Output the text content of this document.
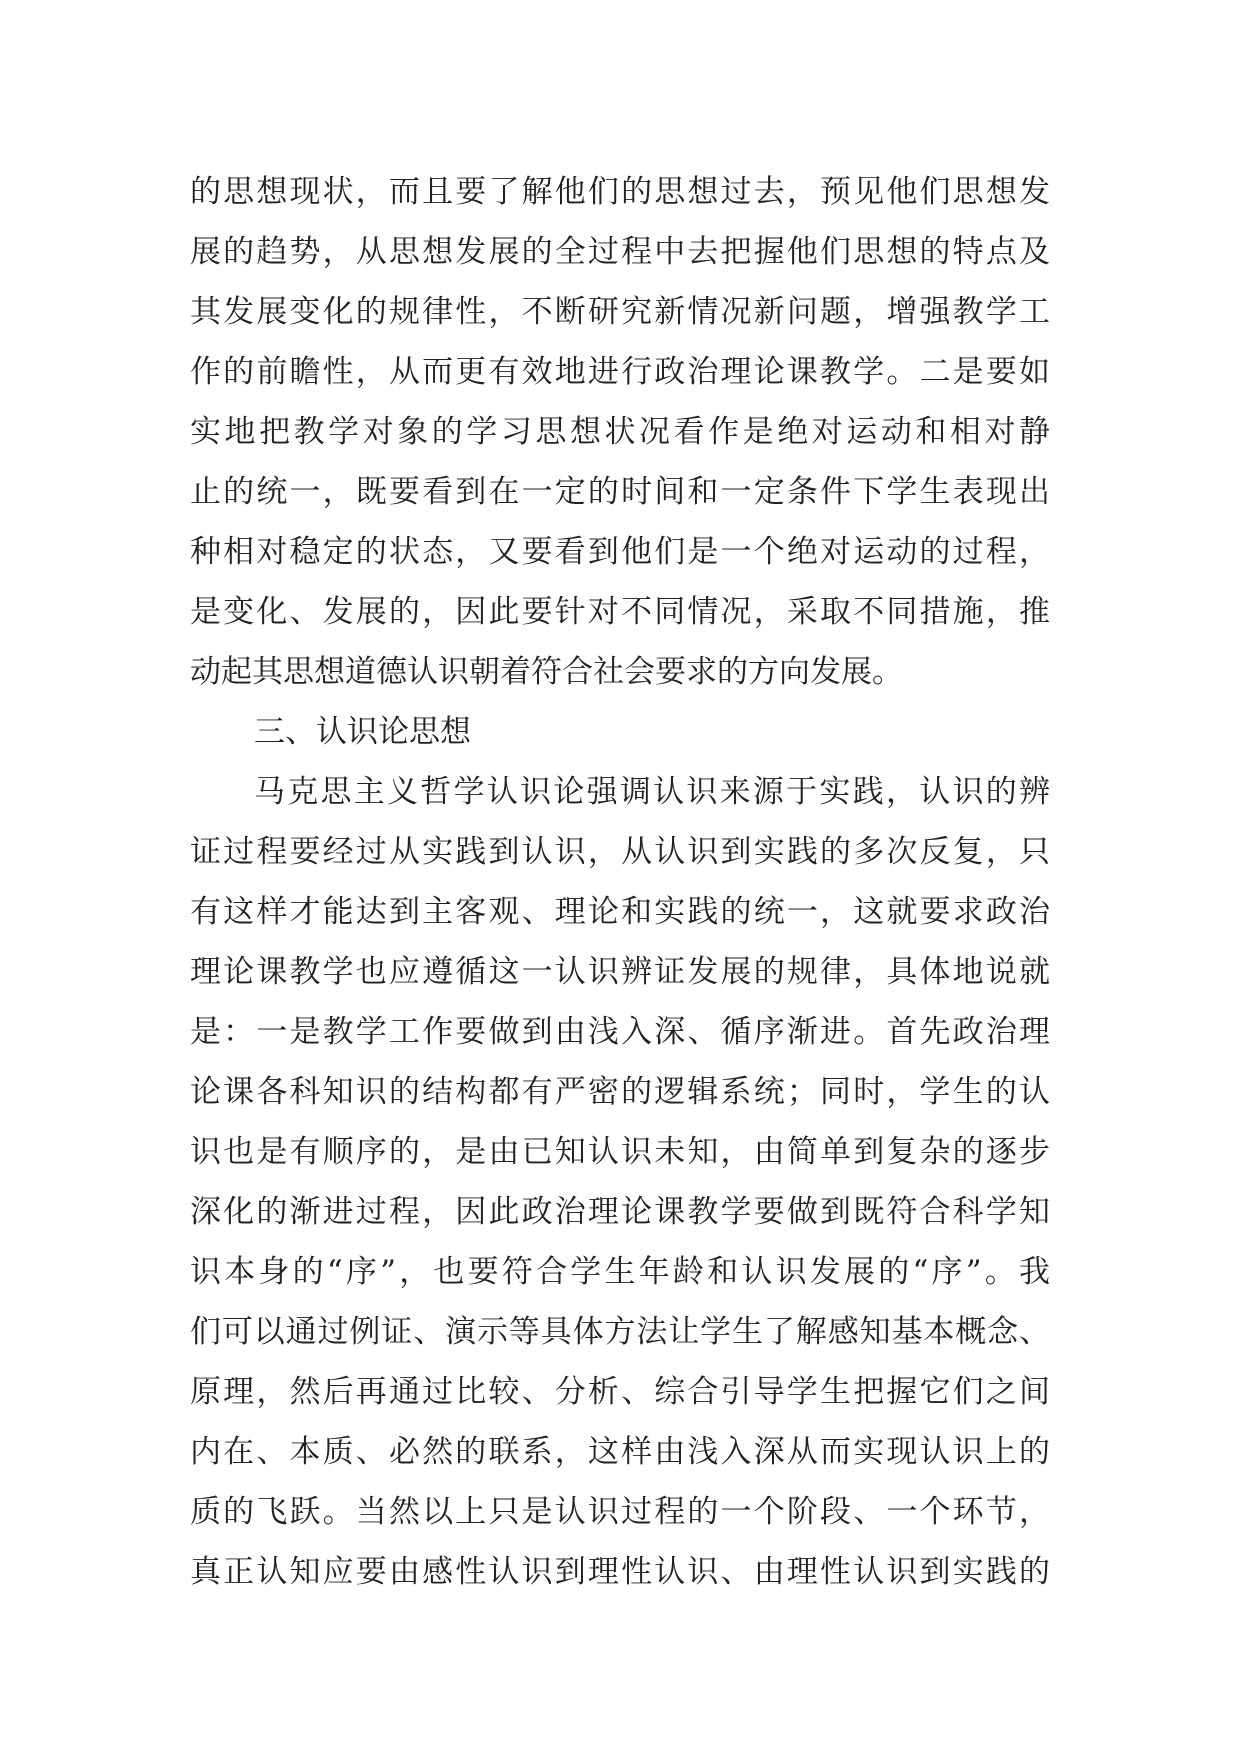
的思想现状，而且要了解他们的思想过去，预见他们思想发
展的趋势，从思想发展的全过程中去把握他们思想的特点及
其发展变化的规律性，不断研究新情况新问题，增强教学工
作的前瞻性，从而更有效地进行政治理论课教学。二是要如
实地把教学对象的学习思想状况看作是绝对运动和相对静
止的统一，既要看到在一定的时间和一定条件下学生表现出
种相对稳定的状态，又要看到他们是一个绝对运动的过程，
是变化、发展的，因此要针对不同情况，采取不同措施，推
动起其思想道德认识朝着符合社会要求的方向发展。
三、认识论思想
马克思主义哲学认识论强调认识来源于实践，认识的辨
证过程要经过从实践到认识，从认识到实践的多次反复，只
有这样才能达到主客观、理论和实践的统一，这就要求政治
理论课教学也应遵循这一认识辨证发展的规律，具体地说就
是：一是教学工作要做到由浅入深、循序渐进。首先政治理
论课各科知识的结构都有严密的逻辑系统；同时，学生的认
识也是有顺序的，是由已知认识未知，由简单到复杂的逐步
深化的渐进过程，因此政治理论课教学要做到既符合科学知
识本身的“序”，也要符合学生年龄和认识发展的“序”。我
们可以通过例证、演示等具体方法让学生了解感知基本概念、
原理，然后再通过比较、分析、综合引导学生把握它们之间
内在、本质、必然的联系，这样由浅入深从而实现认识上的
质的飞跃。当然以上只是认识过程的一个阶段、一个环节，
真正认知应要由感性认识到理性认识、由理性认识到实践的
